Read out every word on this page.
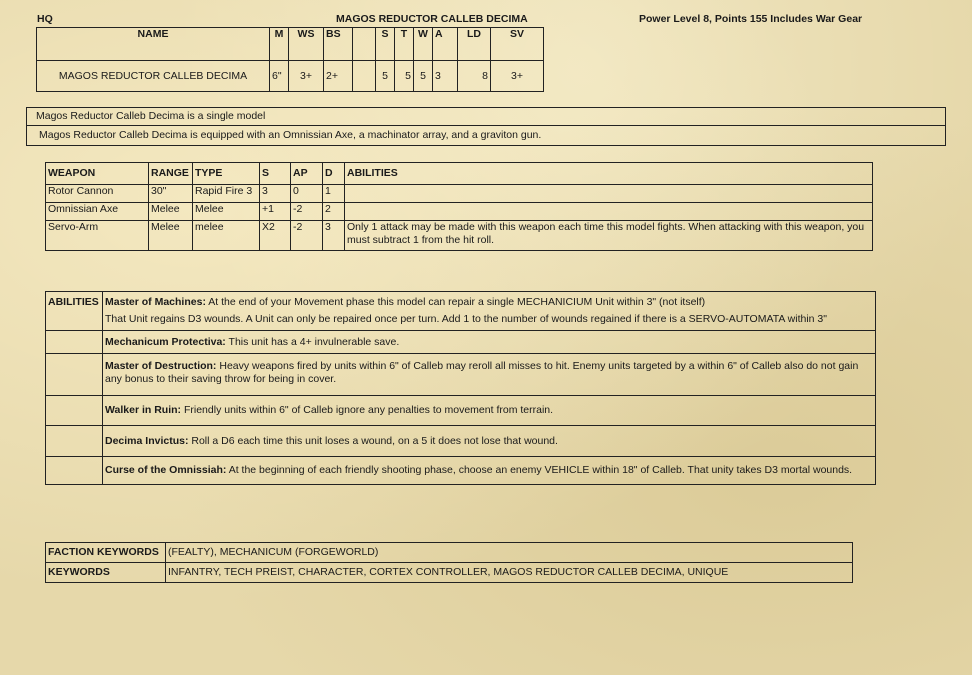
HQ	MAGOS REDUCTOR CALLEB DECIMA	Power Level 8, Points 155 Includes War Gear
NAME	M	WS	BS		S	T	W	A	LD	SV
MAGOS REDUCTOR CALLEB DECIMA	6"	3+	2+		5	5	5	3	8	3+
Magos Reductor Calleb Decima is a single model
Magos Reductor Calleb Decima is equipped with an Omnissian Axe, a machinator array, and a graviton gun.
WEAPON	RANGE	TYPE	S	AP	D	ABILITIES
Rotor Cannon	30"	Rapid Fire 3	3	0	1	
Omnissian Axe	Melee	Melee	+1	-2	2	
Servo-Arm	Melee	melee	X2	-2	3	Only 1 attack may be made with this weapon each time this model fights. When attacking with this weapon, you must subtract 1 from the hit roll.
ABILITIES	Master of Machines: At the end of your Movement phase this model can repair a single MECHANICIUM Unit within 3" (not itself)
That Unit regains D3 wounds. A Unit can only be repaired once per turn. Add 1 to the number of wounds regained if there is a SERVO-AUTOMATA within 3"
	Mechanicum Protectiva: This unit has a 4+ invulnerable save.
	Master of Destruction: Heavy weapons fired by units within 6" of Calleb may reroll all misses to hit. Enemy units targeted by a within 6" of Calleb also do not gain any bonus to their saving throw for being in cover.
	Walker in Ruin: Friendly units within 6" of Calleb ignore any penalties to movement from terrain.
	Decima Invictus: Roll a D6 each time this unit loses a wound, on a 5 it does not lose that wound.
	Curse of the Omnissiah: At the beginning of each friendly shooting phase, choose an enemy VEHICLE within 18" of Calleb. That unity takes D3 mortal wounds.
FACTION KEYWORDS	(FEALTY), MECHANICUM (FORGEWORLD)
KEYWORDS	INFANTRY, TECH PREIST, CHARACTER, CORTEX CONTROLLER, MAGOS REDUCTOR CALLEB DECIMA, UNIQUE
